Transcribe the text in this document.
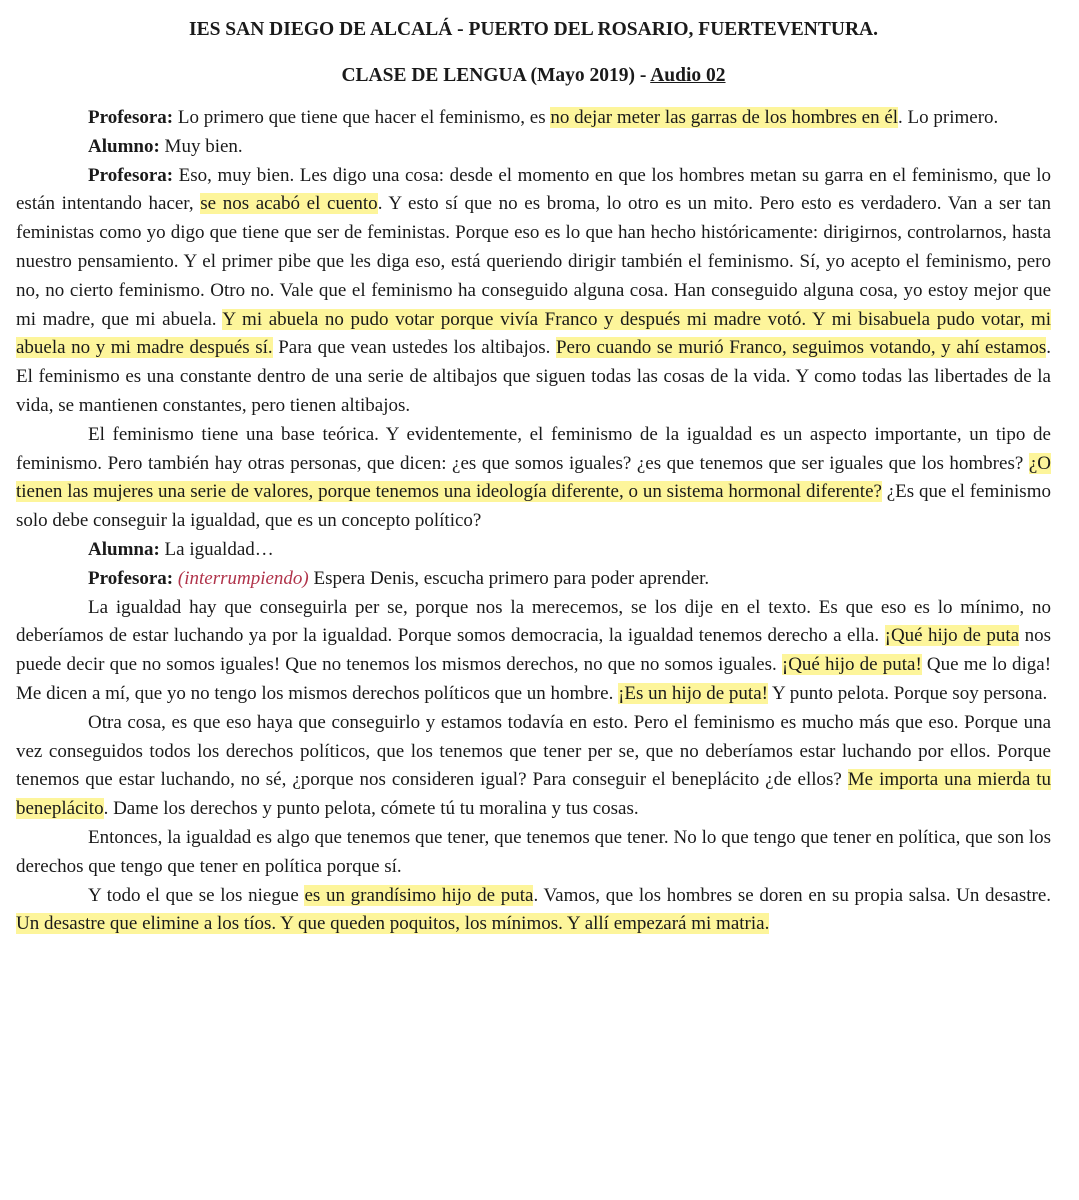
IES SAN DIEGO DE ALCALÁ - PUERTO DEL ROSARIO, FUERTEVENTURA.

CLASE DE LENGUA (Mayo 2019) - Audio 02

Profesora: Lo primero que tiene que hacer el feminismo, es no dejar meter las garras de los hombres en él. Lo primero.

Alumno: Muy bien.

Profesora: Eso, muy bien. Les digo una cosa: desde el momento en que los hombres metan su garra en el feminismo, que lo están intentando hacer, se nos acabó el cuento. Y esto sí que no es broma, lo otro es un mito. Pero esto es verdadero. Van a ser tan feministas como yo digo que tiene que ser de feministas. Porque eso es lo que han hecho históricamente: dirigirnos, controlarnos, hasta nuestro pensamiento. Y el primer pibe que les diga eso, está queriendo dirigir también el feminismo. Sí, yo acepto el feminismo, pero no, no cierto feminismo. Otro no. Vale que el feminismo ha conseguido alguna cosa. Han conseguido alguna cosa, yo estoy mejor que mi madre, que mi abuela. Y mi abuela no pudo votar porque vivía Franco y después mi madre votó. Y mi bisabuela pudo votar, mi abuela no y mi madre después sí. Para que vean ustedes los altibajos. Pero cuando se murió Franco, seguimos votando, y ahí estamos. El feminismo es una constante dentro de una serie de altibajos que siguen todas las cosas de la vida. Y como todas las libertades de la vida, se mantienen constantes, pero tienen altibajos.

El feminismo tiene una base teórica. Y evidentemente, el feminismo de la igualdad es un aspecto importante, un tipo de feminismo. Pero también hay otras personas, que dicen: ¿es que somos iguales? ¿es que tenemos que ser iguales que los hombres? ¿O tienen las mujeres una serie de valores, porque tenemos una ideología diferente, o un sistema hormonal diferente? ¿Es que el feminismo solo debe conseguir la igualdad, que es un concepto político?

Alumna: La igualdad…

Profesora: (interrumpiendo) Espera Denis, escucha primero para poder aprender.

La igualdad hay que conseguirla per se, porque nos la merecemos, se los dije en el texto. Es que eso es lo mínimo, no deberíamos de estar luchando ya por la igualdad. Porque somos democracia, la igualdad tenemos derecho a ella. ¡Qué hijo de puta nos puede decir que no somos iguales! Que no tenemos los mismos derechos, no que no somos iguales. ¡Qué hijo de puta! Que me lo diga! Me dicen a mí, que yo no tengo los mismos derechos políticos que un hombre. ¡Es un hijo de puta! Y punto pelota. Porque soy persona.

Otra cosa, es que eso haya que conseguirlo y estamos todavía en esto. Pero el feminismo es mucho más que eso. Porque una vez conseguidos todos los derechos políticos, que los tenemos que tener per se, que no deberíamos estar luchando por ellos. Porque tenemos que estar luchando, no sé, ¿porque nos consideren igual? Para conseguir el beneplácito ¿de ellos? Me importa una mierda tu beneplácito. Dame los derechos y punto pelota, cómete tú tu moralina y tus cosas.

Entonces, la igualdad es algo que tenemos que tener, que tenemos que tener. No lo que tengo que tener en política, que son los derechos que tengo que tener en política porque sí.

Y todo el que se los niegue es un grandísimo hijo de puta. Vamos, que los hombres se doren en su propia salsa. Un desastre. Un desastre que elimine a los tíos. Y que queden poquitos, los mínimos. Y allí empezará mi matria.
